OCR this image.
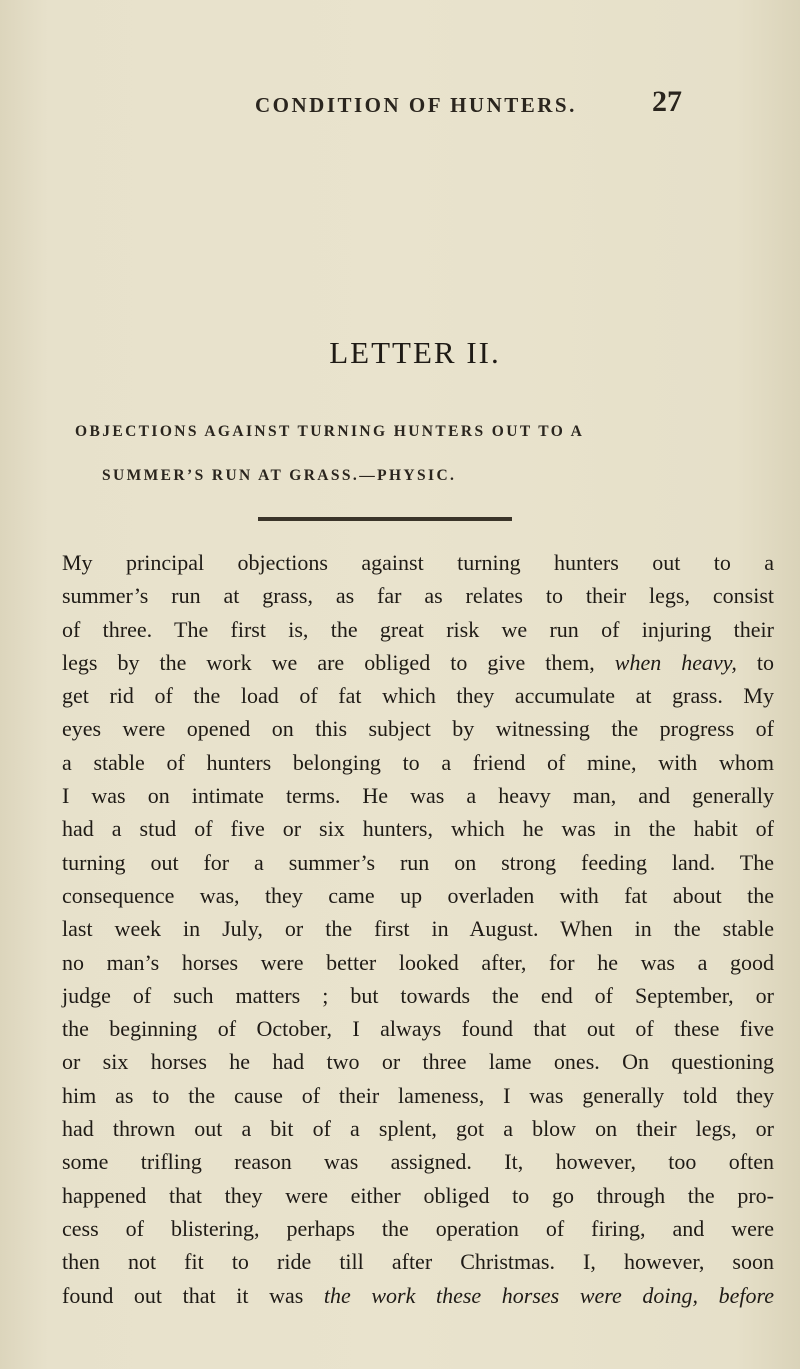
CONDITION OF HUNTERS.	27
LETTER II.
OBJECTIONS AGAINST TURNING HUNTERS OUT TO A
SUMMER’S RUN AT GRASS.—PHYSIC.
My principal objections against turning hunters out to a
summer’s run at grass, as far as relates to their legs, consist
of three. The first is, the great risk we run of injuring their
legs by the work we are obliged to give them, when heavy, to
get rid of the load of fat which they accumulate at grass. My
eyes were opened on this subject by witnessing the progress of
a stable of hunters belonging to a friend of mine, with whom
I was on intimate terms. He was a heavy man, and generally
had a stud of five or six hunters, which he was in the habit of
turning out for a summer’s run on strong feeding land. The
consequence was, they came up overladen with fat about the
last week in July, or the first in August. When in the stable
no man’s horses were better looked after, for he was a good
judge of such matters ; but towards the end of September, or
the beginning of October, I always found that out of these five
or six horses he had two or three lame ones. On questioning
him as to the cause of their lameness, I was generally told they
had thrown out a bit of a splent, got a blow on their legs, or
some trifling reason was assigned. It, however, too often
happened that they were either obliged to go through the pro-
cess of blistering, perhaps the operation of firing, and were
then not fit to ride till after Christmas. I, however, soon
found out that it was the work these horses were doing, before
